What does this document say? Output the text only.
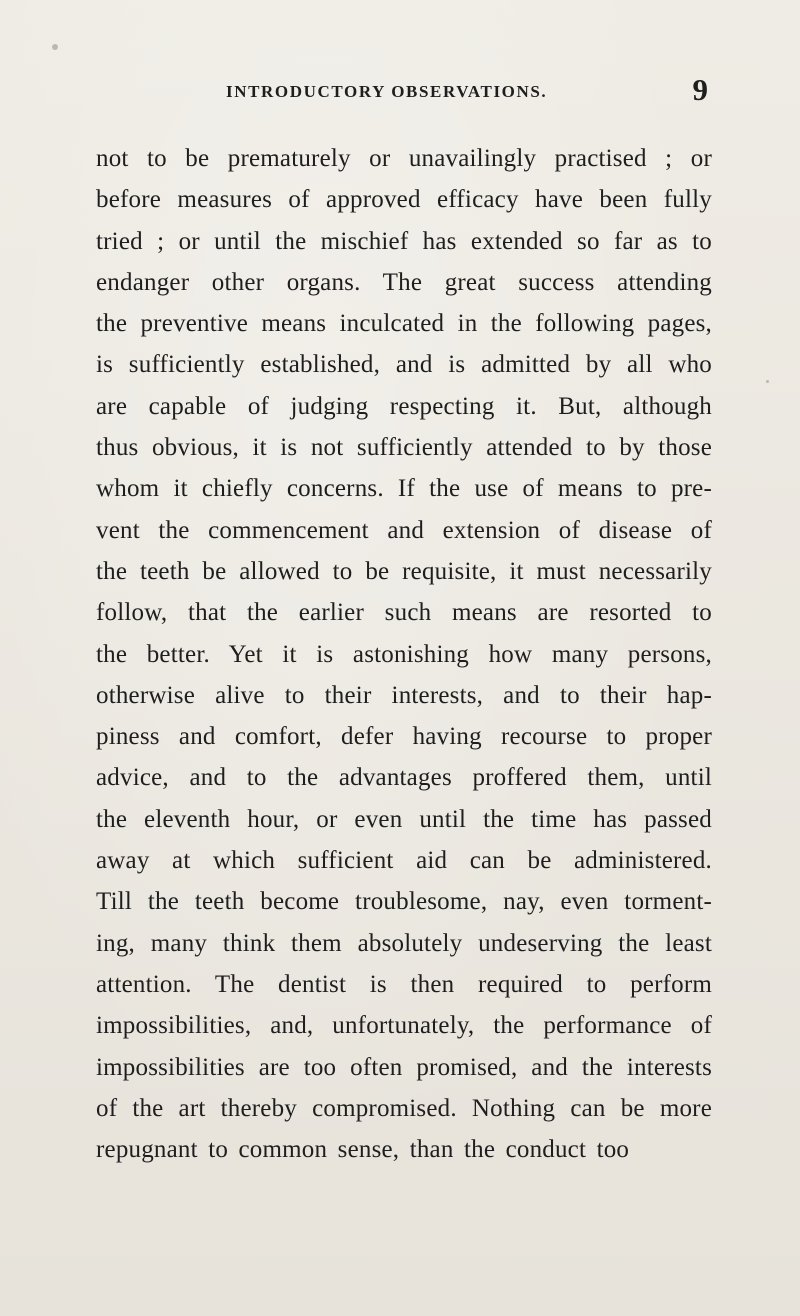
INTRODUCTORY OBSERVATIONS.	9
not to be prematurely or unavailingly practised ; or
before measures of approved efficacy have been fully
tried ; or until the mischief has extended so far as to
endanger other organs. The great success attending
the preventive means inculcated in the following pages,
is sufficiently established, and is admitted by all who
are capable of judging respecting it. But, although
thus obvious, it is not sufficiently attended to by those
whom it chiefly concerns. If the use of means to pre-
vent the commencement and extension of disease of
the teeth be allowed to be requisite, it must necessarily
follow, that the earlier such means are resorted to
the better. Yet it is astonishing how many persons,
otherwise alive to their interests, and to their hap-
piness and comfort, defer having recourse to proper
advice, and to the advantages proffered them, until
the eleventh hour, or even until the time has passed
away at which sufficient aid can be administered.
Till the teeth become troublesome, nay, even torment-
ing, many think them absolutely undeserving the least
attention. The dentist is then required to perform
impossibilities, and, unfortunately, the performance of
impossibilities are too often promised, and the interests
of the art thereby compromised. Nothing can be more
repugnant to common sense, than the conduct too
